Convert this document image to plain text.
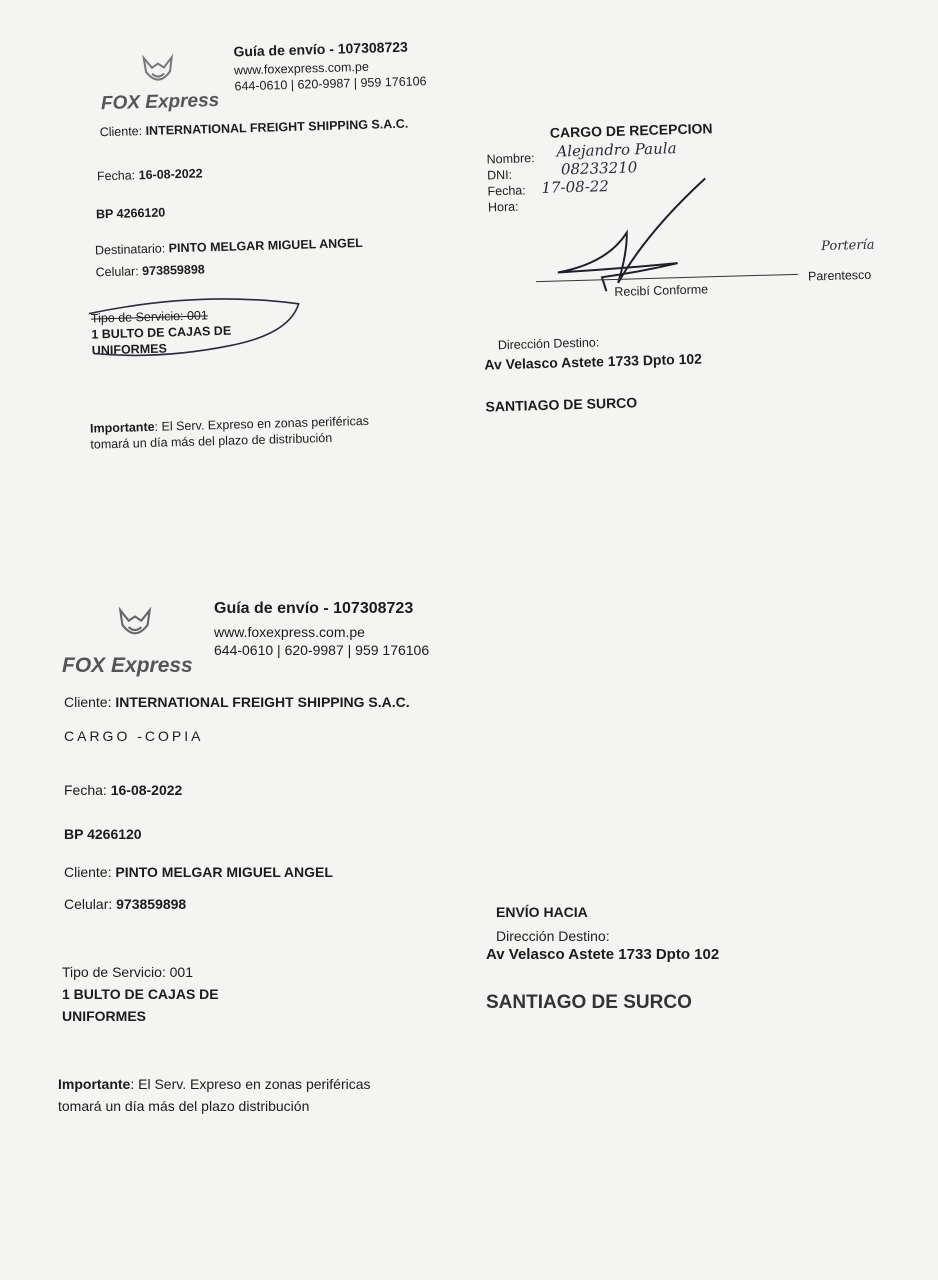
FOX Express
Guía de envío - 107308723
www.foxexpress.com.pe
644-0610 | 620-9987 | 959 176106
Cliente: INTERNATIONAL FREIGHT SHIPPING S.A.C.
Fecha: 16-08-2022
BP 4266120
Destinatario: PINTO MELGAR MIGUEL ANGEL
Celular: 973859898
Tipo de Servicio: 001
1 BULTO DE CAJAS DE
UNIFORMES
Importante: El Serv. Expreso en zonas periféricas
tomará un día más del plazo de distribución
CARGO DE RECEPCION
Nombre: Alejandro Paula
DNI:	08233210
Fecha: 17-08-22
Hora:
Recibí Conforme
Portería
Parentesco
Dirección Destino:
Av Velasco Astete 1733 Dpto 102
SANTIAGO DE SURCO
FOX Express
Guía de envío - 107308723
www.foxexpress.com.pe
644-0610 | 620-9987 | 959 176106
Cliente: INTERNATIONAL FREIGHT SHIPPING S.A.C.
CARGO -COPIA
Fecha: 16-08-2022
BP 4266120
Cliente: PINTO MELGAR MIGUEL ANGEL
Celular: 973859898
Tipo de Servicio: 001
1 BULTO DE CAJAS DE
UNIFORMES
Importante: El Serv. Expreso en zonas periféricas
tomará un día más del plazo distribución
ENVÍO HACIA
Dirección Destino:
Av Velasco Astete 1733 Dpto 102
SANTIAGO DE SURCO
